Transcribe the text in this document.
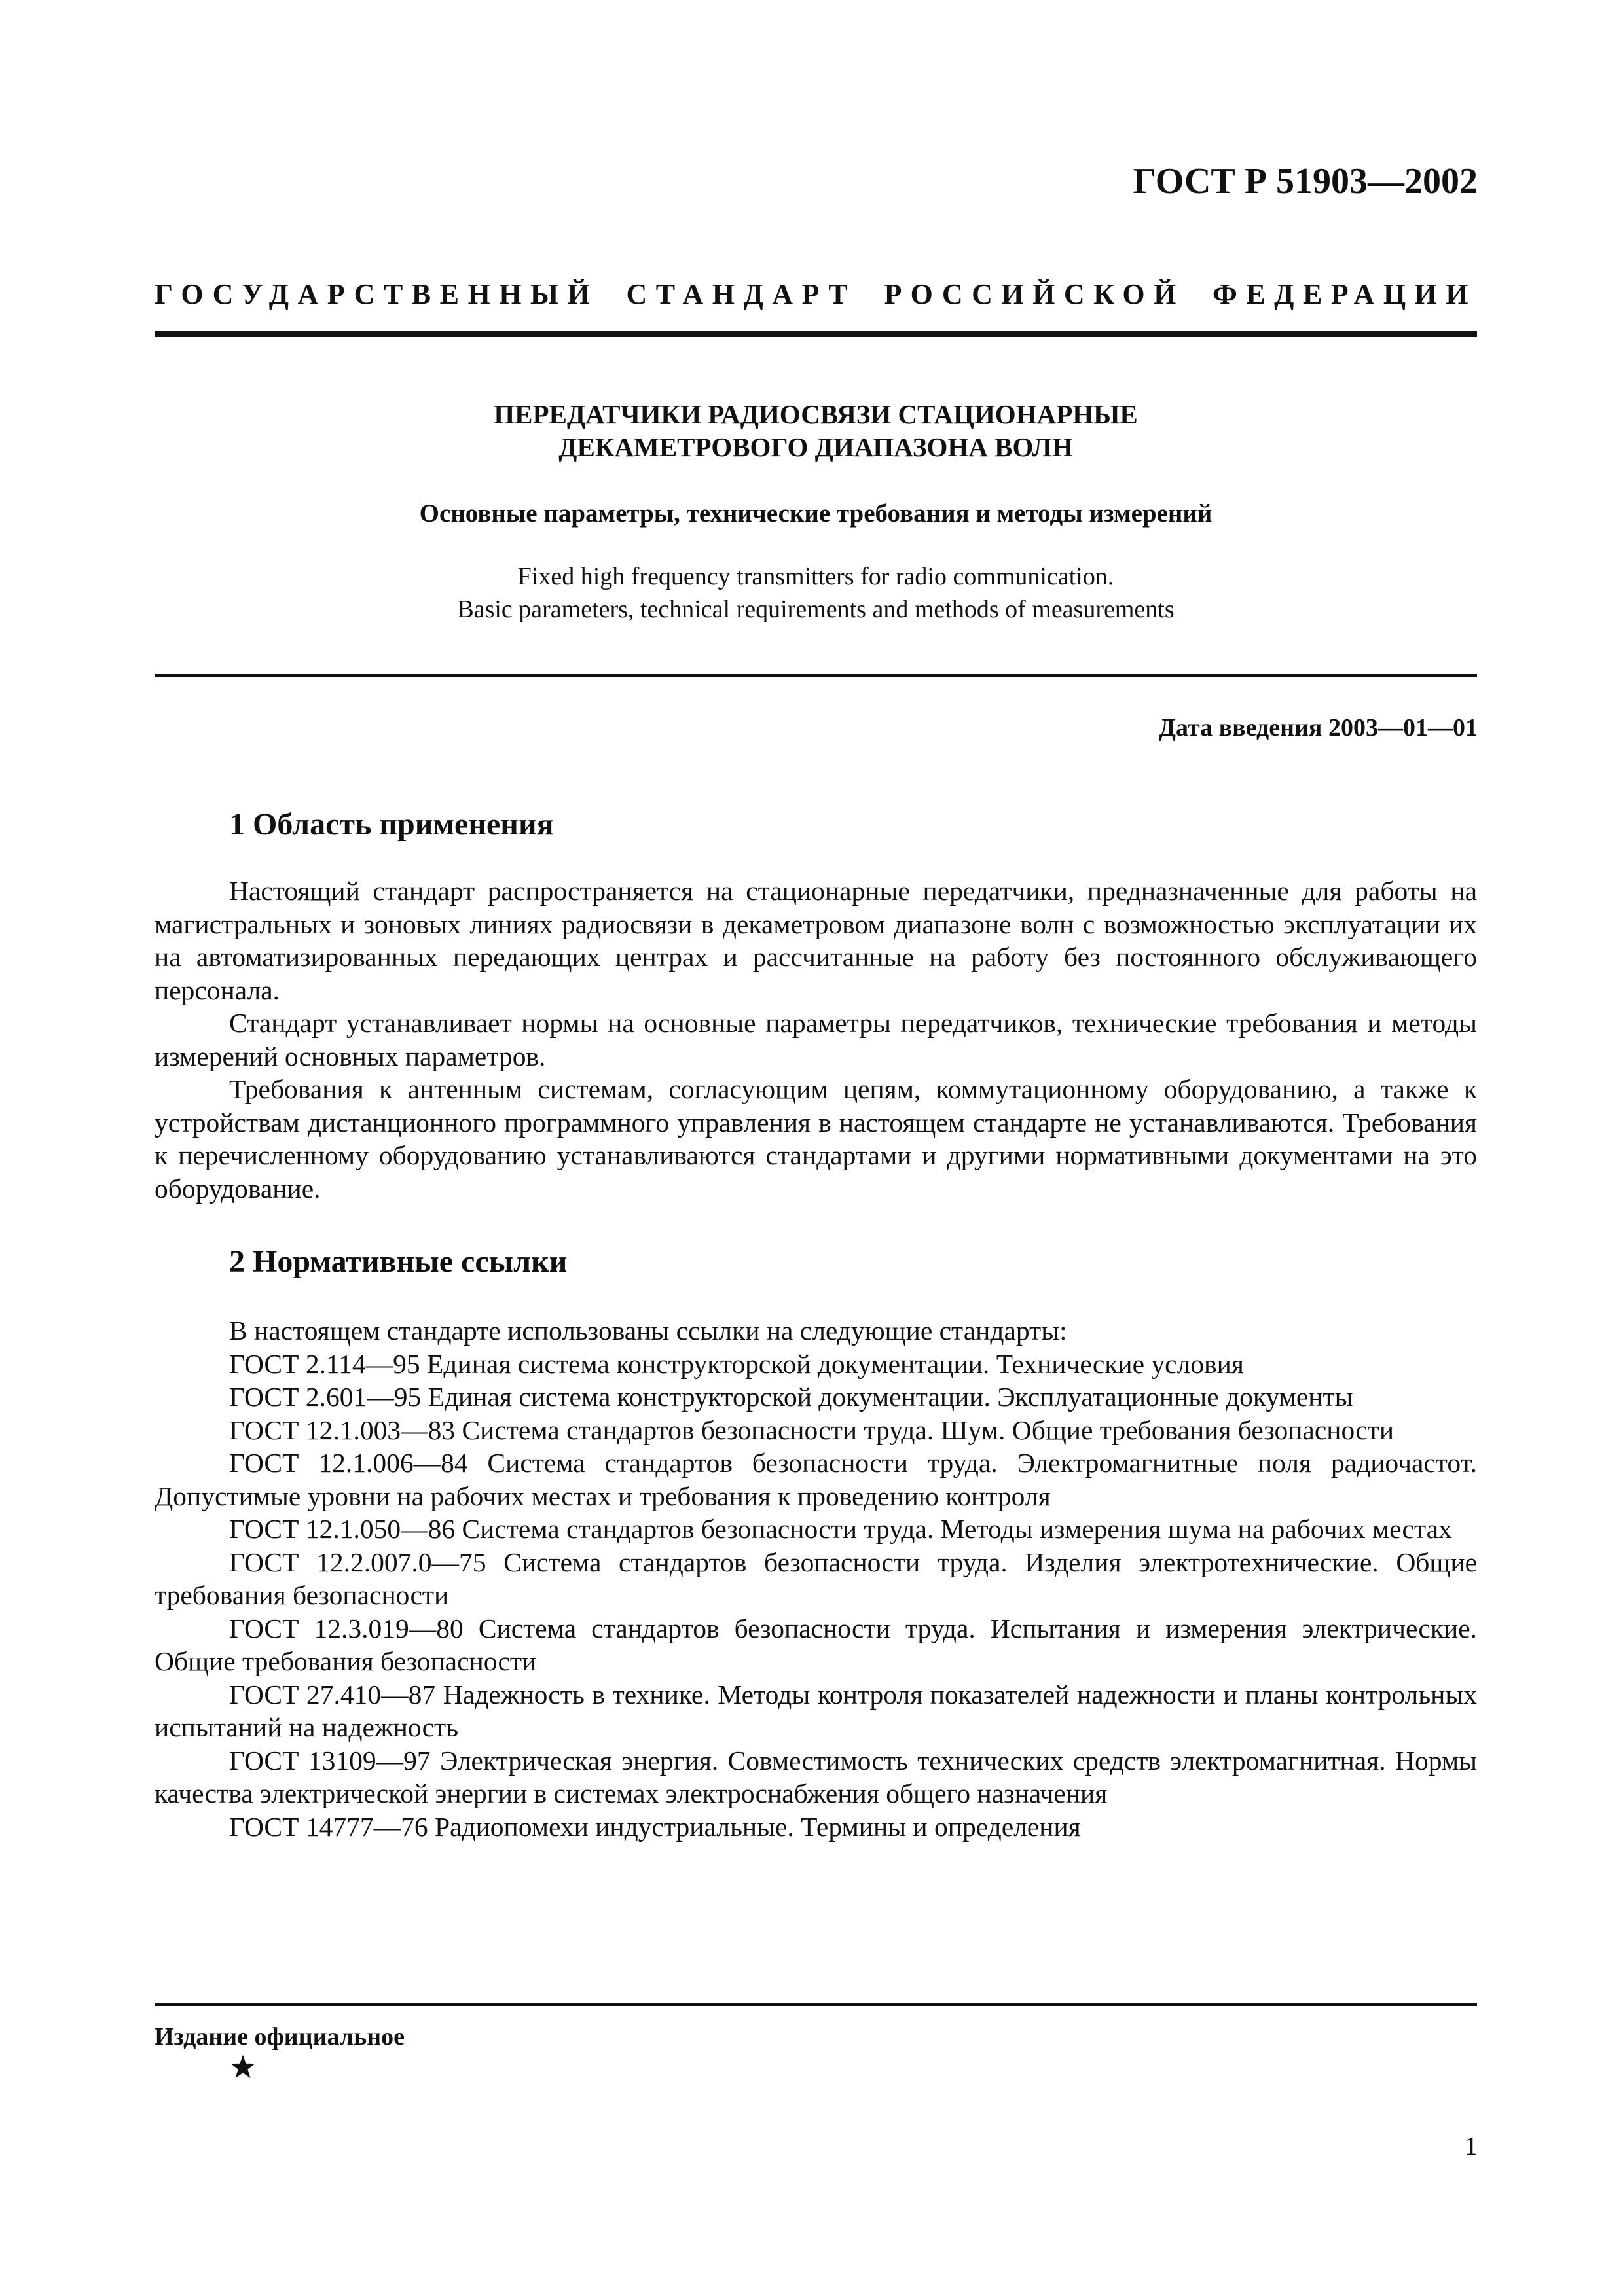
ГОСТ Р 51903—2002
ГОСУДАРСТВЕННЫЙ СТАНДАРТ РОССИЙСКОЙ ФЕДЕРАЦИИ
ПЕРЕДАТЧИКИ РАДИОСВЯЗИ СТАЦИОНАРНЫЕ
ДЕКАМЕТРОВОГО ДИАПАЗОНА ВОЛН
Основные параметры, технические требования и методы измерений
Fixed high frequency transmitters for radio communication.
Basic parameters, technical requirements and methods of measurements
Дата введения 2003—01—01
1 Область применения

Настоящий стандарт распространяется на стационарные передатчики, предназначенные для работы на магистральных и зоновых линиях радиосвязи в декаметровом диапазоне волн с возможностью эксплуатации их на автоматизированных передающих центрах и рассчитанные на работу без постоянного обслуживающего персонала.

Стандарт устанавливает нормы на основные параметры передатчиков, технические требования и методы измерений основных параметров.

Требования к антенным системам, согласующим цепям, коммутационному оборудованию, а также к устройствам дистанционного программного управления в настоящем стандарте не устанавливаются. Требования к перечисленному оборудованию устанавливаются стандартами и другими нормативными документами на это оборудование.

2 Нормативные ссылки

В настоящем стандарте использованы ссылки на следующие стандарты:

ГОСТ 2.114—95 Единая система конструкторской документации. Технические условия

ГОСТ 2.601—95 Единая система конструкторской документации. Эксплуатационные документы

ГОСТ 12.1.003—83 Система стандартов безопасности труда. Шум. Общие требования безопасности

ГОСТ 12.1.006—84 Система стандартов безопасности труда. Электромагнитные поля радиочастот. Допустимые уровни на рабочих местах и требования к проведению контроля

ГОСТ 12.1.050—86 Система стандартов безопасности труда. Методы измерения шума на рабочих местах

ГОСТ 12.2.007.0—75 Система стандартов безопасности труда. Изделия электротехнические. Общие требования безопасности

ГОСТ 12.3.019—80 Система стандартов безопасности труда. Испытания и измерения электрические. Общие требования безопасности

ГОСТ 27.410—87 Надежность в технике. Методы контроля показателей надежности и планы контрольных испытаний на надежность

ГОСТ 13109—97 Электрическая энергия. Совместимость технических средств электромагнитная. Нормы качества электрической энергии в системах электроснабжения общего назначения

ГОСТ 14777—76 Радиопомехи индустриальные. Термины и определения

Издание официальное
1
